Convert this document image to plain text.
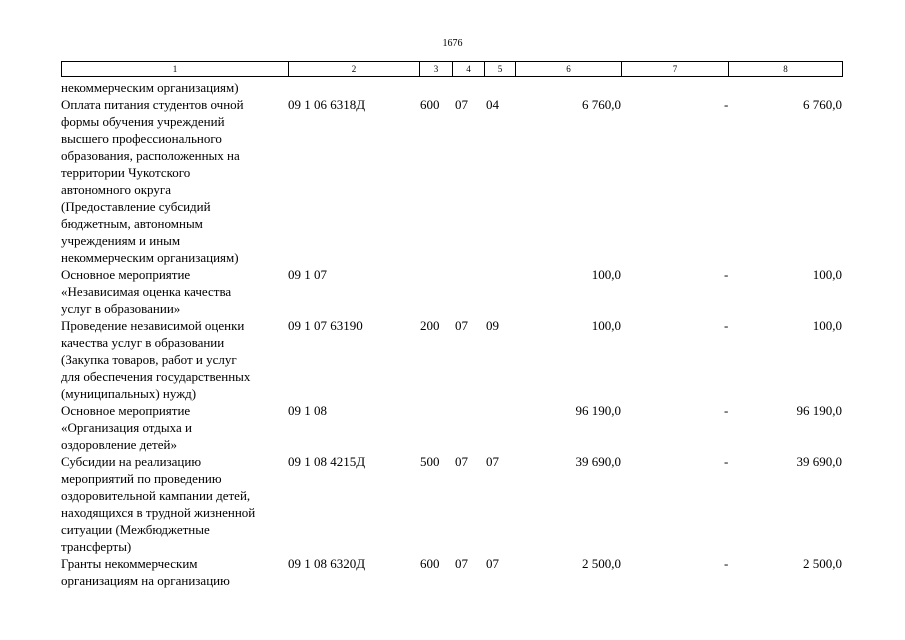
1676
1	2	3	4	5	6	7	8
некоммерческим организациям)
Оплата питания студентов очной
формы обучения учреждений
высшего профессионального
образования, расположенных на
территории Чукотского
автономного округа
(Предоставление субсидий
бюджетным, автономным
учреждениям и иным
некоммерческим организациям)
09 1 06 6318Д	600 07 04	6 760,0	-	6 760,0
Основное мероприятие
«Независимая оценка качества
услуг в образовании»
09 1 07	100,0	-	100,0
Проведение независимой оценки
качества услуг в образовании
(Закупка товаров, работ и услуг
для обеспечения государственных
(муниципальных) нужд)
09 1 07 63190	200 07 09	100,0	-	100,0
Основное мероприятие
«Организация отдыха и
оздоровление детей»
09 1 08	96 190,0	-	96 190,0
Субсидии на реализацию
мероприятий по проведению
оздоровительной кампании детей,
находящихся в трудной жизненной
ситуации (Межбюджетные
трансферты)
09 1 08 4215Д	500 07 07	39 690,0	-	39 690,0
Гранты некоммерческим
организациям на организацию
09 1 08 6320Д	600 07 07	2 500,0	-	2 500,0
